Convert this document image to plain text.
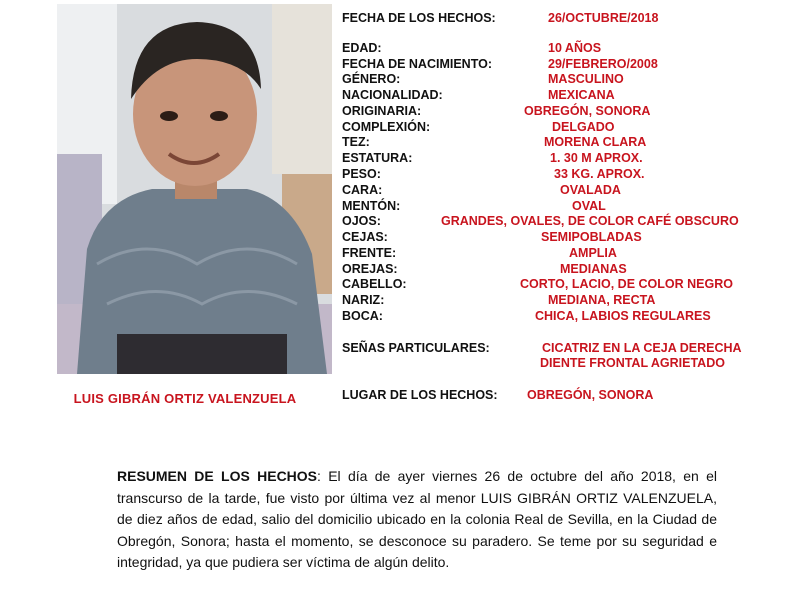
LUIS GIBRÁN ORTIZ VALENZUELA
FECHA DE LOS HECHOS:	26/OCTUBRE/2018
EDAD:	10 AÑOS
FECHA DE NACIMIENTO:	29/FEBRERO/2008
GÉNERO:	MASCULINO
NACIONALIDAD:	MEXICANA
ORIGINARIA:	OBREGÓN, SONORA
COMPLEXIÓN:	DELGADO
TEZ:	MORENA CLARA
ESTATURA:	1. 30 M APROX.
PESO:	33 KG. APROX.
CARA:	OVALADA
MENTÓN:	OVAL
OJOS:	GRANDES, OVALES, DE COLOR CAFÉ OBSCURO
CEJAS:	SEMIPOBLADAS
FRENTE:	AMPLIA
OREJAS:	MEDIANAS
CABELLO:	CORTO, LACIO, DE COLOR NEGRO
NARIZ:	MEDIANA, RECTA
BOCA:	CHICA, LABIOS REGULARES
SEÑAS PARTICULARES:	CICATRIZ EN LA CEJA DERECHA
DIENTE FRONTAL AGRIETADO
LUGAR DE LOS HECHOS: OBREGÓN, SONORA
RESUMEN DE LOS HECHOS: El día de ayer viernes 26 de octubre del año 2018, en el transcurso de la tarde, fue visto por última vez al menor LUIS GIBRÁN ORTIZ VALENZUELA, de diez años de edad, salio del domicilio ubicado en la colonia Real de Sevilla, en la Ciudad de Obregón, Sonora; hasta el momento, se desconoce su paradero. Se teme por su seguridad e integridad, ya que pudiera ser víctima de algún delito.
